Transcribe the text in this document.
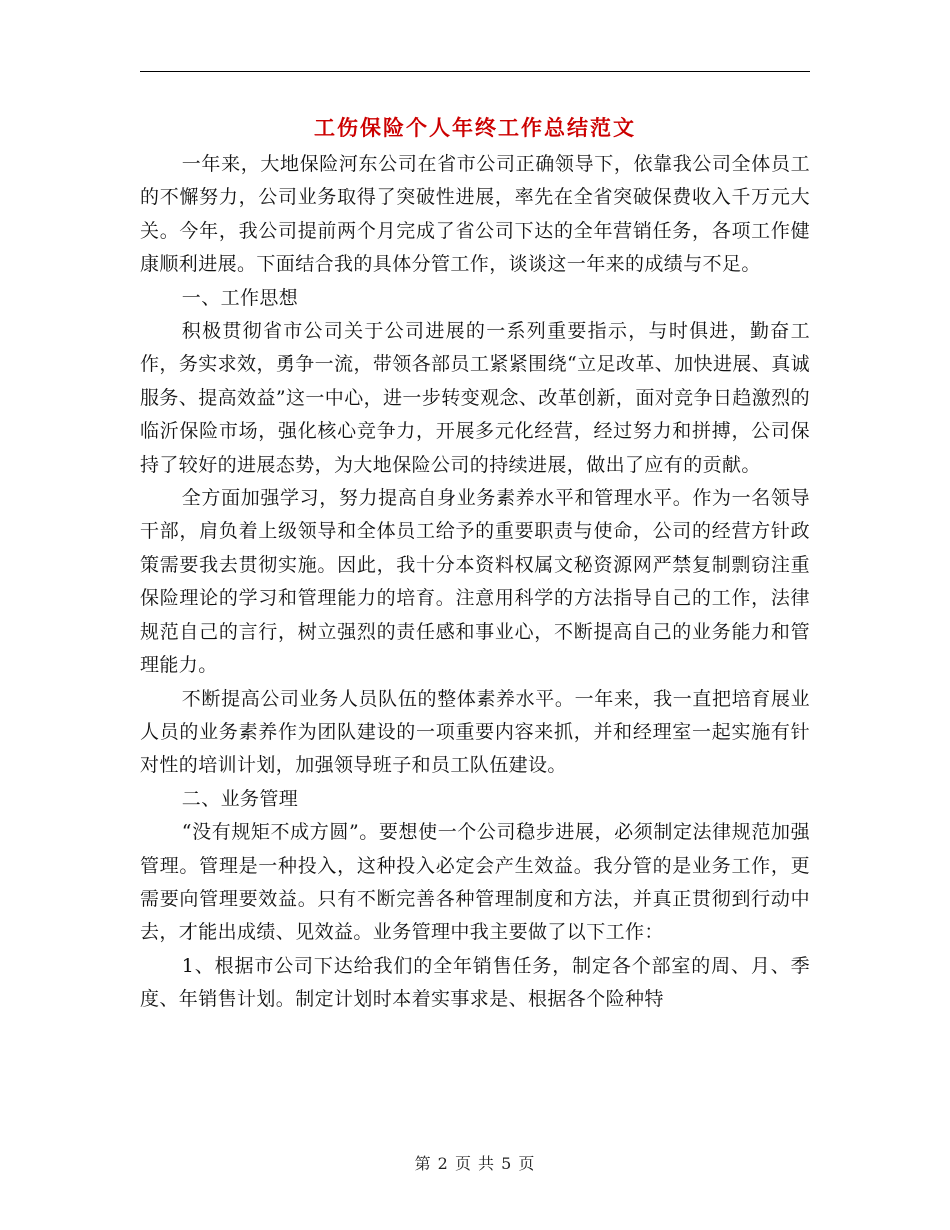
工伤保险个人年终工作总结范文

一年来，大地保险河东公司在省市公司正确领导下，依靠我公司全体员工的不懈努力，公司业务取得了突破性进展，率先在全省突破保费收入千万元大关。今年，我公司提前两个月完成了省公司下达的全年营销任务，各项工作健康顺利进展。下面结合我的具体分管工作，谈谈这一年来的成绩与不足。

一、工作思想

积极贯彻省市公司关于公司进展的一系列重要指示，与时俱进，勤奋工作，务实求效，勇争一流，带领各部员工紧紧围绕“立足改革、加快进展、真诚服务、提高效益”这一中心，进一步转变观念、改革创新，面对竞争日趋激烈的临沂保险市场，强化核心竞争力，开展多元化经营，经过努力和拼搏，公司保持了较好的进展态势，为大地保险公司的持续进展，做出了应有的贡献。

全方面加强学习，努力提高自身业务素养水平和管理水平。作为一名领导干部，肩负着上级领导和全体员工给予的重要职责与使命，公司的经营方针政策需要我去贯彻实施。因此，我十分本资料权属文秘资源网严禁复制剽窃注重保险理论的学习和管理能力的培育。注意用科学的方法指导自己的工作，法律规范自己的言行，树立强烈的责任感和事业心，不断提高自己的业务能力和管理能力。

不断提高公司业务人员队伍的整体素养水平。一年来，我一直把培育展业人员的业务素养作为团队建设的一项重要内容来抓，并和经理室一起实施有针对性的培训计划，加强领导班子和员工队伍建设。

二、业务管理

“没有规矩不成方圆”。要想使一个公司稳步进展，必须制定法律规范加强管理。管理是一种投入，这种投入必定会产生效益。我分管的是业务工作，更需要向管理要效益。只有不断完善各种管理制度和方法，并真正贯彻到行动中去，才能出成绩、见效益。业务管理中我主要做了以下工作：

1、根据市公司下达给我们的全年销售任务，制定各个部室的周、月、季度、年销售计划。制定计划时本着实事求是、根据各个险种特

第 2 页 共 5 页
